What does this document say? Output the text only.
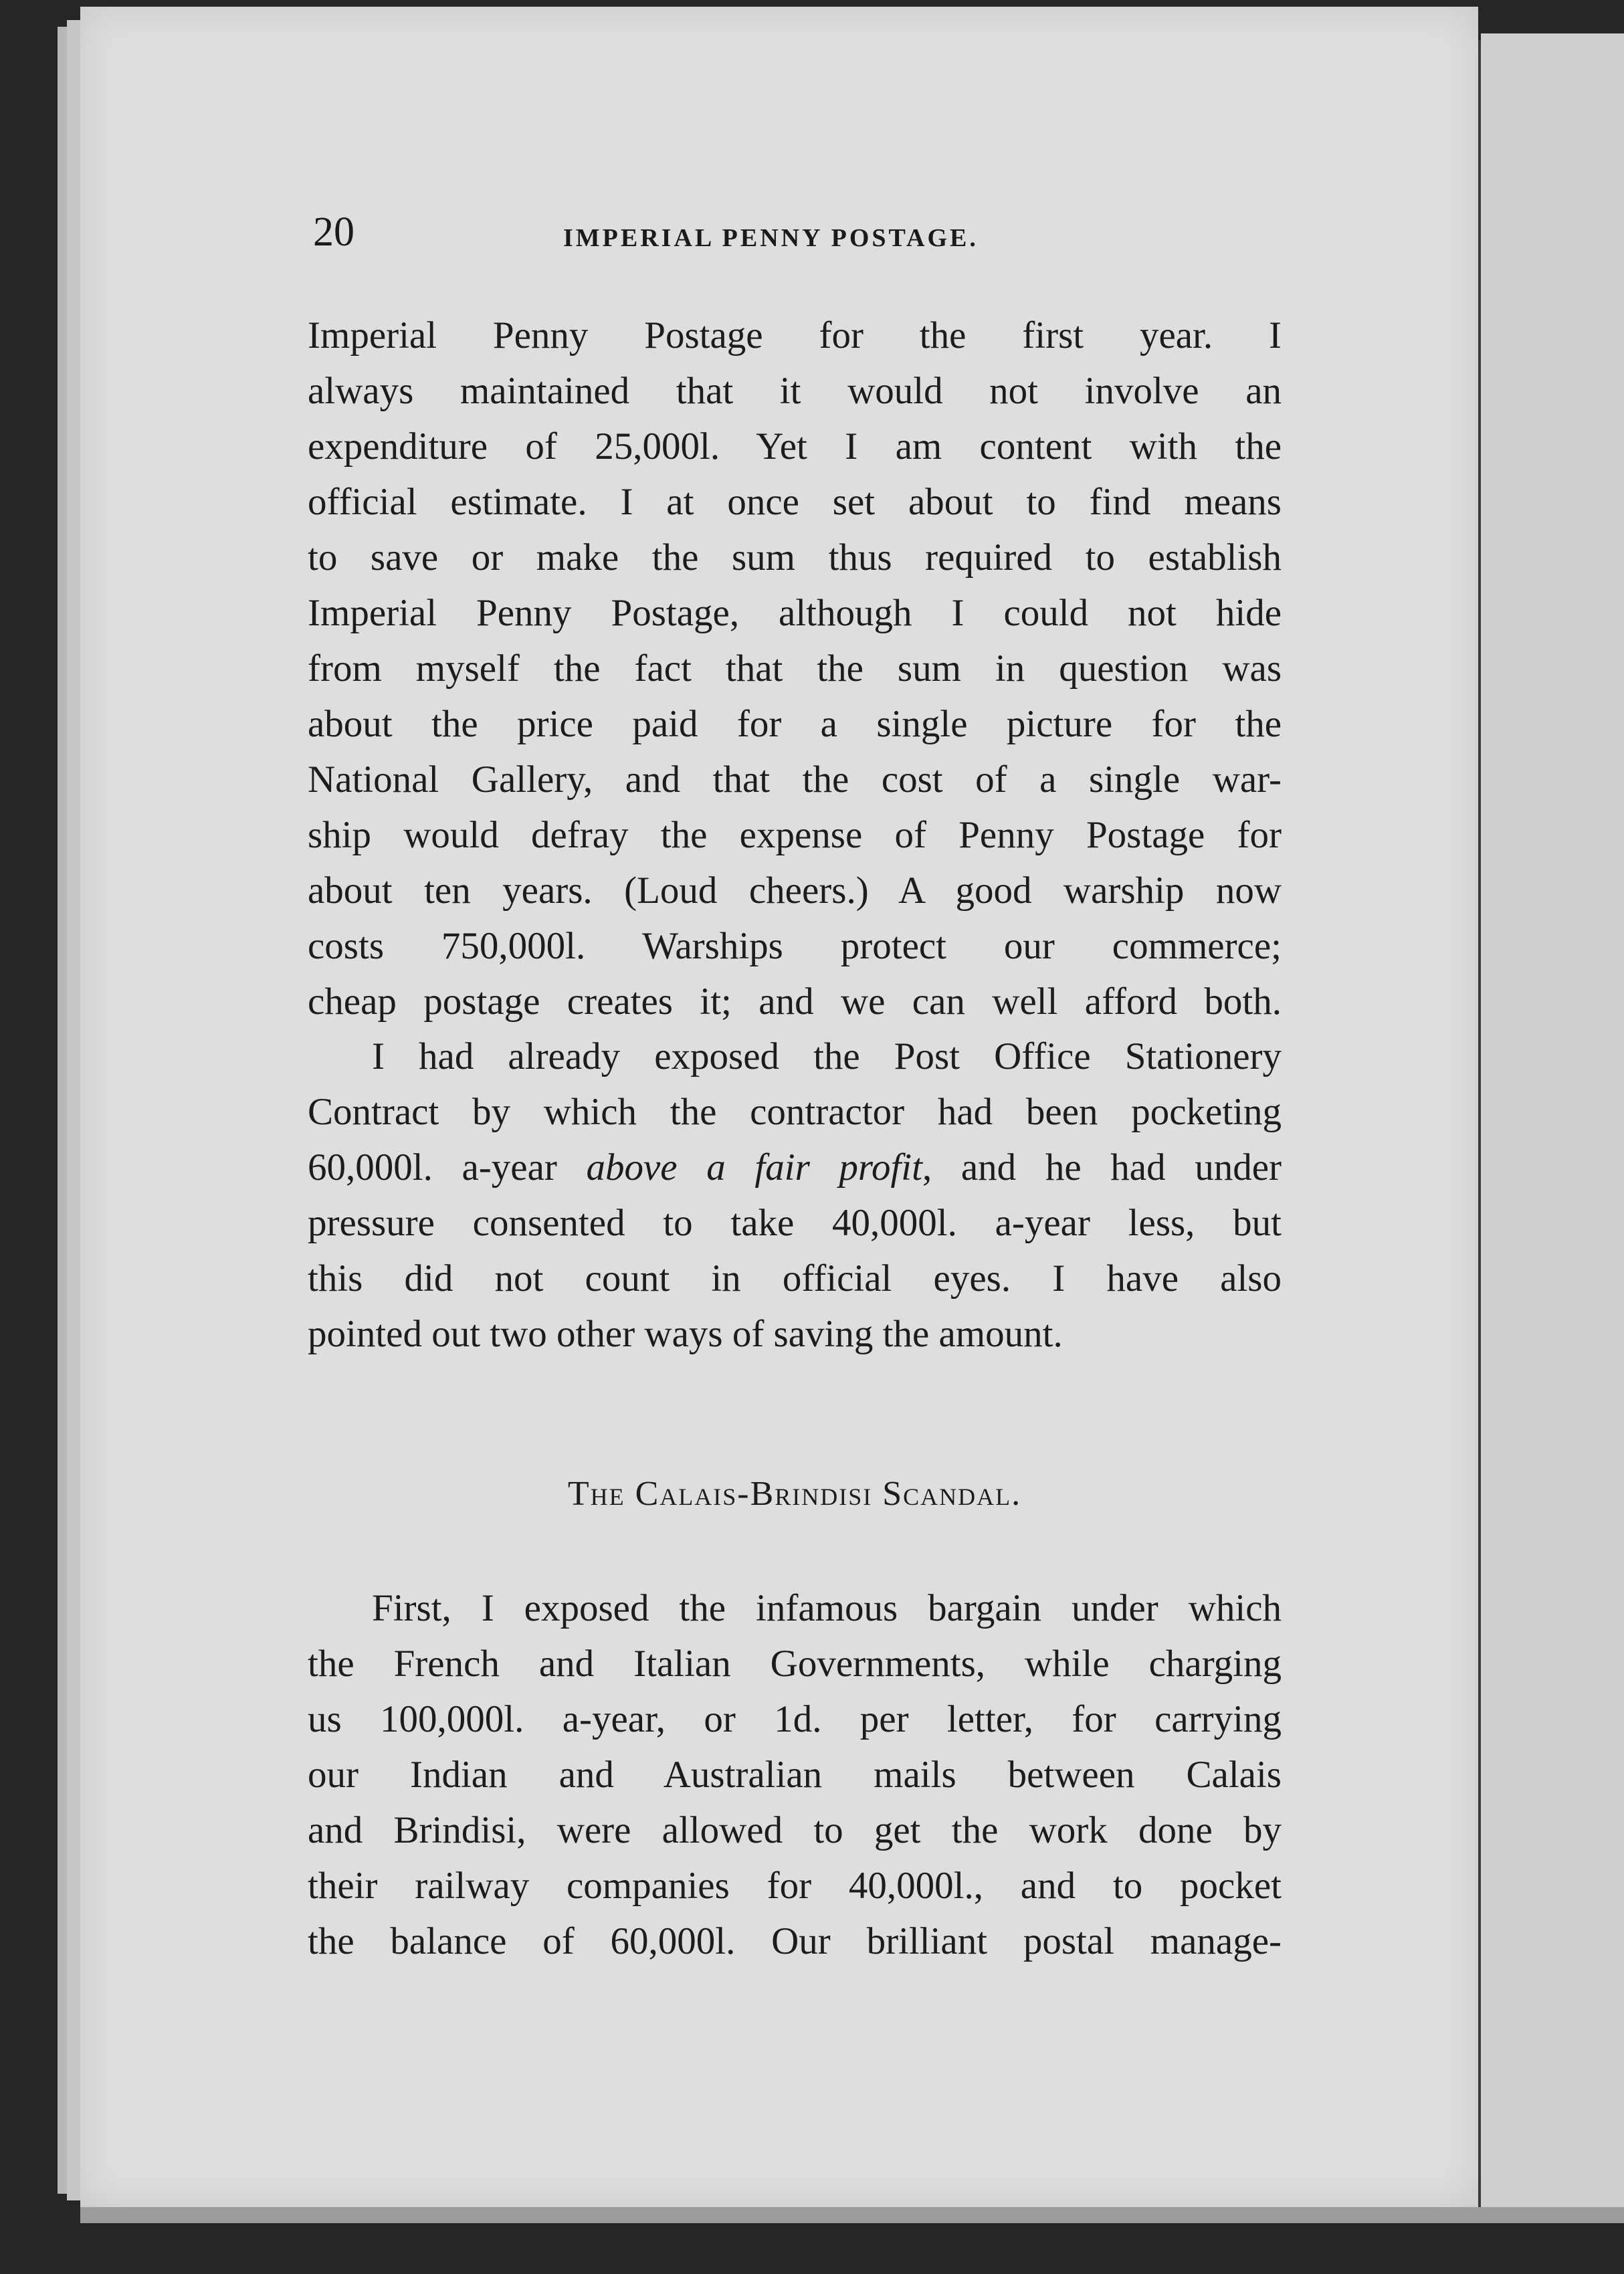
20	IMPERIAL PENNY POSTAGE.
Imperial Penny Postage for the first year. I
always maintained that it would not involve an
expenditure of 25,000l. Yet I am content with the
official estimate. I at once set about to find means
to save or make the sum thus required to establish
Imperial Penny Postage, although I could not hide
from myself the fact that the sum in question was
about the price paid for a single picture for the
National Gallery, and that the cost of a single war-
ship would defray the expense of Penny Postage for
about ten years. (Loud cheers.) A good warship now
costs 750,000l. Warships protect our commerce;
cheap postage creates it; and we can well afford both.
I had already exposed the Post Office Stationery
Contract by which the contractor had been pocketing
60,000l. a-year above a fair profit, and he had under
pressure consented to take 40,000l. a-year less, but
this did not count in official eyes. I have also
pointed out two other ways of saving the amount.
The Calais-Brindisi Scandal.
First, I exposed the infamous bargain under which
the French and Italian Governments, while charging
us 100,000l. a-year, or 1d. per letter, for carrying
our Indian and Australian mails between Calais
and Brindisi, were allowed to get the work done by
their railway companies for 40,000l., and to pocket
the balance of 60,000l. Our brilliant postal manage-
